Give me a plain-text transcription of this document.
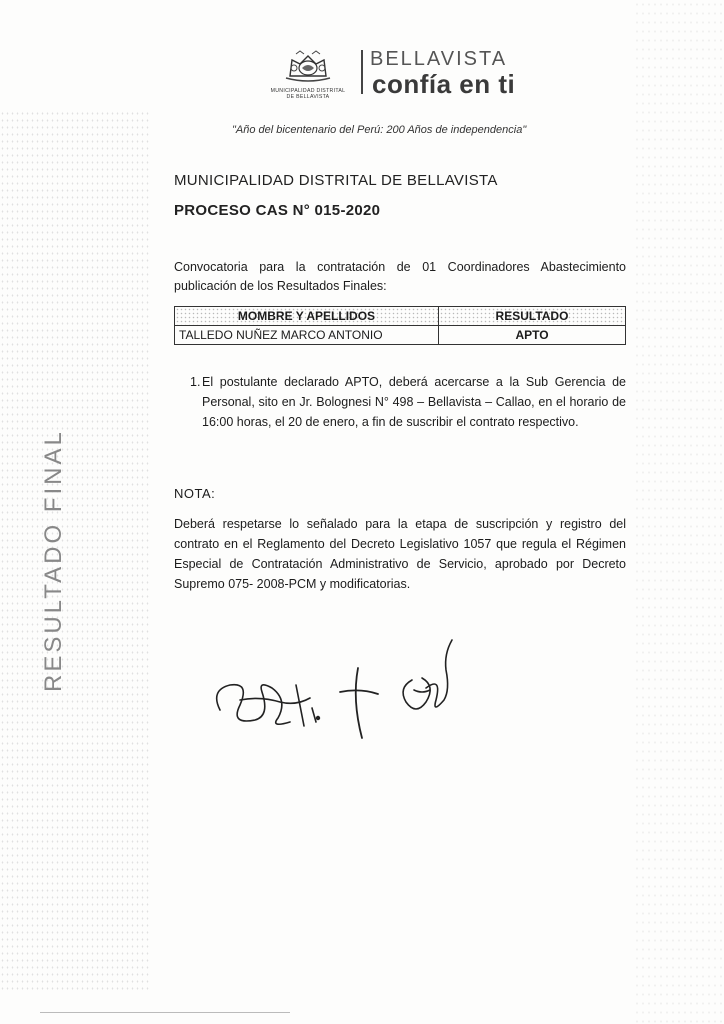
MUNICIPALIDAD DISTRITAL
DE BELLAVISTA
BELLAVISTA
confía en ti
"Año del bicentenario del Perú: 200 Años de independencia"
MUNICIPALIDAD DISTRITAL DE BELLAVISTA
PROCESO CAS N° 015-2020
Convocatoria para la contratación de 01 Coordinadores Abastecimiento publicación de los Resultados Finales:
MOMBRE Y APELLIDOS	RESULTADO
TALLEDO NUÑEZ MARCO ANTONIO	APTO
1. El postulante declarado APTO, deberá acercarse a la Sub Gerencia de Personal, sito en Jr. Bolognesi N° 498 – Bellavista – Callao, en el horario de 16:00 horas, el 20 de enero, a fin de suscribir el contrato respectivo.
NOTA:
Deberá respetarse lo señalado para la etapa de suscripción y registro del contrato en el Reglamento del Decreto Legislativo 1057 que regula el Régimen Especial de Contratación Administrativo de Servicio, aprobado por Decreto Supremo 075- 2008-PCM y modificatorias.
RESULTADO FINAL
